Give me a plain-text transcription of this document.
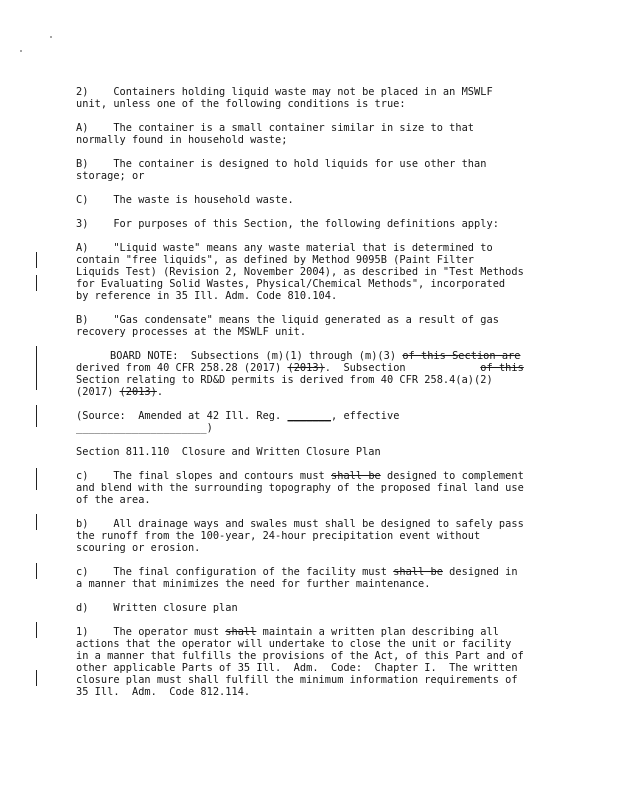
2)    Containers holding liquid waste may not be placed in an MSWLF

unit, unless one of the following conditions is true:

A)    The container is a small container similar in size to that

normally found in household waste;

B)    The container is designed to hold liquids for use other than

storage; or

C)    The waste is household waste.

3)    For purposes of this Section, the following definitions apply:

A)    "Liquid waste" means any waste material that is determined to

contain "free liquids", as defined by Method 9095B (Paint Filter

Liquids Test) (Revision 2, November 2004), as described in "Test Methods

for Evaluating Solid Wastes, Physical/Chemical Methods", incorporated

by reference in 35 Ill. Adm. Code 810.104.

B)    "Gas condensate" means the liquid generated as a result of gas

recovery processes at the MSWLF unit.

BOARD NOTE:  Subsections (m)(1) through (m)(3) of this Section are

derived from 40 CFR 258.28 (2017) (2013).  Subsection            of this

Section relating to RD&D permits is derived from 40 CFR 258.4(a)(2)

(2017) (2013).

(Source:  Amended at 42 Ill. Reg. _______, effective

_____________________)

Section 811.110  Closure and Written Closure Plan

c)    The final slopes and contours must shall be designed to complement

and blend with the surrounding topography of the proposed final land use

of the area.

b)    All drainage ways and swales must shall be designed to safely pass

the runoff from the 100-year, 24-hour precipitation event without

scouring or erosion.

c)    The final configuration of the facility must shall be designed in

a manner that minimizes the need for further maintenance.

d)    Written closure plan

1)    The operator must shall maintain a written plan describing all

actions that the operator will undertake to close the unit or facility

in a manner that fulfills the provisions of the Act, of this Part and of

other applicable Parts of 35 Ill.  Adm.  Code:  Chapter I.  The written

closure plan must shall fulfill the minimum information requirements of

35 Ill.  Adm.  Code 812.114.
